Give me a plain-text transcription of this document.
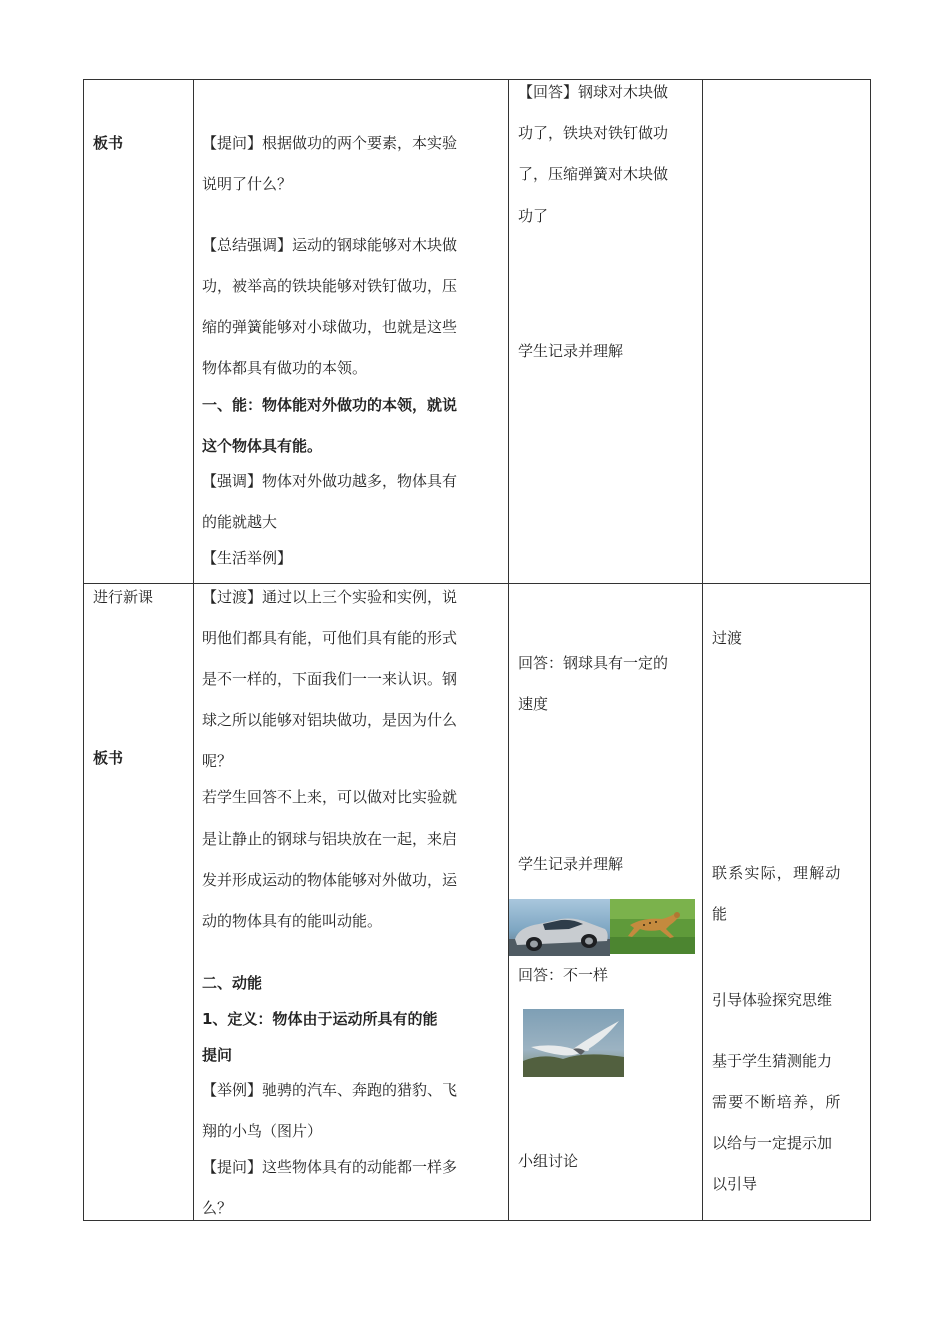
板书	【提问】根据做功的两个要素，本实验
说明了什么？
【总结强调】运动的钢球能够对木块做
功，被举高的铁块能够对铁钉做功，压
缩的弹簧能够对小球做功，也就是这些
物体都具有做功的本领。
一、能：物体能对外做功的本领，就说
这个物体具有能。
【强调】物体对外做功越多，物体具有
的能就越大
【生活举例】
【回答】钢球对木块做
功了，铁块对铁钉做功
了，压缩弹簧对木块做
功了
学生记录并理解
进行新课
板书
【过渡】通过以上三个实验和实例，说
明他们都具有能，可他们具有能的形式
是不一样的，下面我们一一来认识。钢
球之所以能够对铝块做功，是因为什么
呢？
若学生回答不上来，可以做对比实验就
是让静止的钢球与铝块放在一起，来启
发并形成运动的物体能够对外做功，运
动的物体具有的能叫动能。
二、动能
1、定义：物体由于运动所具有的能
提问
【举例】驰骋的汽车、奔跑的猎豹、飞
翔的小鸟（图片）
【提问】这些物体具有的动能都一样多
么？
回答：钢球具有一定的
速度
学生记录并理解
回答：不一样
小组讨论
过渡
联系实际，理解动
能
引导体验探究思维
基于学生猜测能力
需要不断培养，所
以给与一定提示加
以引导
